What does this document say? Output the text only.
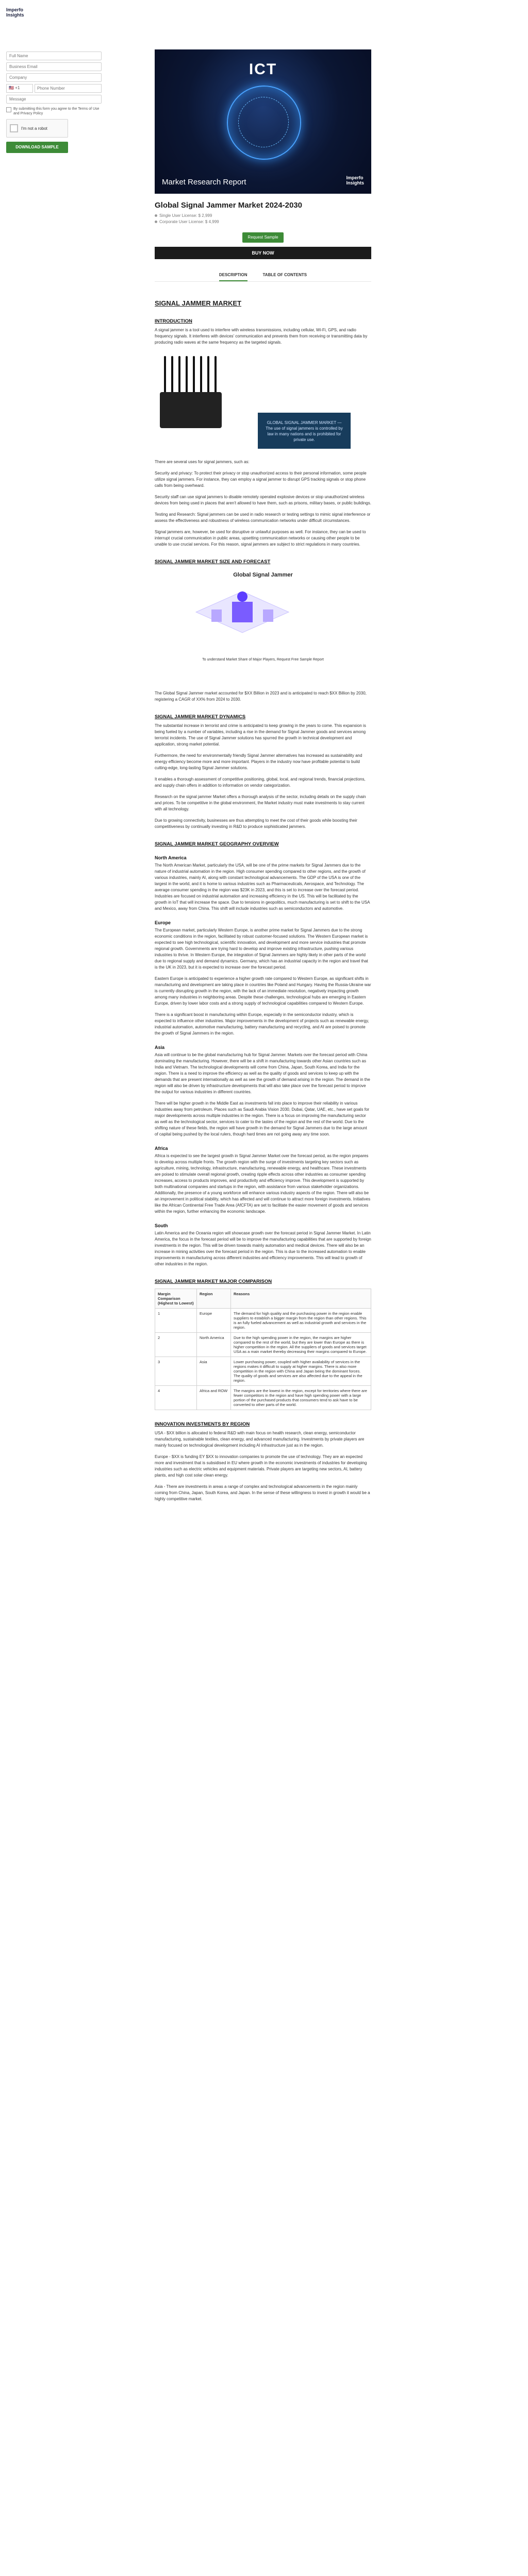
Imperfo
Insights
Full Name
Business Email
Company
🇺🇸 +1
Phone Number
Message
By submitting this form you agree to the Terms of Use and Privacy Policy
I'm not a robot
DOWNLOAD SAMPLE
ICT
Market Research Report	Imperfo
Insights
Global Signal Jammer Market 2024-2030
Single User License: $ 2,999
Corporate User License: $ 4,999
Request Sample
BUY NOW
DESCRIPTION	TABLE OF CONTENTS
SIGNAL JAMMER MARKET
INTRODUCTION

A signal jammer is a tool used to interfere with wireless transmissions, including cellular, Wi-Fi, GPS, and radio frequency signals. It interferes with devices' communication and prevents them from receiving or transmitting data by producing radio waves at the same frequency as the targeted signals.

GLOBAL SIGNAL JAMMER MARKET — The use of signal jammers is controlled by law in many nations and is prohibited for private use.

There are several uses for signal jammers, such as:

Security and privacy: To protect their privacy or stop unauthorized access to their personal information, some people utilize signal jammers. For instance, they can employ a signal jammer to disrupt GPS tracking signals or stop phone calls from being overheard.

Security staff can use signal jammers to disable remotely operated explosive devices or stop unauthorized wireless devices from being used in places that aren't allowed to have them, such as prisons, military bases, or public buildings.

Testing and Research: Signal jammers can be used in radio research or testing settings to mimic signal interference or assess the effectiveness and robustness of wireless communication networks under difficult circumstances.

Signal jammers are, however, be used for disruptive or unlawful purposes as well. For instance, they can be used to interrupt crucial communication in public areas, upsetting communication networks or causing other people to be unable to use crucial services. For this reason, signal jammers are subject to strict regulations in many countries.

SIGNAL JAMMER MARKET SIZE AND FORECAST
Global Signal Jammer
To understand Market Share of Major Players, Request Free Sample Report

The Global Signal Jammer market accounted for $XX Billion in 2023 and is anticipated to reach $XX Billion by 2030, registering a CAGR of XX% from 2024 to 2030.

SIGNAL JAMMER MARKET DYNAMICS

The substantial increase in terrorist and crime is anticipated to keep growing in the years to come. This expansion is being fueled by a number of variables, including a rise in the demand for Signal Jammer goods and services among terrorist incidents. The use of Signal Jammer solutions has spurred the growth in technical development and application, strong market potential.

Furthermore, the need for environmentally friendly Signal Jammer alternatives has increased as sustainability and energy efficiency become more and more important. Players in the industry now have profitable potential to build cutting-edge, long-lasting Signal Jammer solutions.

It enables a thorough assessment of competitive positioning, global, local, and regional trends, financial projections, and supply chain offers in addition to information on vendor categorization.

Research on the signal jammer Market offers a thorough analysis of the sector, including details on the supply chain and prices. To be competitive in the global environment, the Market industry must make investments to stay current with all technology.

Due to growing connectivity, businesses are thus attempting to meet the cost of their goods while boosting their competitiveness by continually investing in R&D to produce sophisticated jammers.

SIGNAL JAMMER MARKET GEOGRAPHY OVERVIEW
North America

The North American Market, particularly the USA, will be one of the prime markets for Signal Jammers due to the nature of industrial automation in the region. High consumer spending compared to other regions, and the growth of various industries, mainly AI, along with constant technological advancements. The GDP of the USA is one of the largest in the world, and it is home to various industries such as Pharmaceuticals, Aerospace, and Technology. The average consumer spending in the region was $23K in 2023, and this is set to increase over the forecast period. Industries are focused on industrial automation and increasing efficiency in the US. This will be facilitated by the growth in IoT that will increase the space. Due to tensions in geopolitics, much manufacturing is set to shift to the USA and Mexico, away from China. This shift will include industries such as semiconductors and automotive.

Europe

The European market, particularly Western Europe, is another prime market for Signal Jammers due to the strong economic conditions in the region, facilitated by robust customer-focused solutions. The Western European market is expected to see high technological, scientific innovation, and development and more service industries that promote regional growth. Governments are trying hard to develop and improve existing infrastructure, pushing various industries to thrive. In Western Europe, the integration of Signal Jammers are highly likely in other parts of the world due to regional supply and demand dynamics. Germany, which has an industrial capacity in the region and travel that is the UK in 2023, but it is expected to increase over the forecast period.

Eastern Europe is anticipated to experience a higher growth rate compared to Western Europe, as significant shifts in manufacturing and development are taking place in countries like Poland and Hungary. Having the Russia-Ukraine war is currently disrupting growth in the region, with the lack of an immediate resolution, negatively impacting growth among many industries in neighboring areas. Despite these challenges, technological hubs are emerging in Eastern Europe, driven by lower labor costs and a strong supply of technological capabilities compared to Western Europe.

There is a significant boost in manufacturing within Europe, especially in the semiconductor industry, which is expected to influence other industries. Major improvements in the development of projects such as renewable energy, industrial automation, automotive manufacturing, battery manufacturing and recycling, and AI are poised to promote the growth of Signal Jammers in the region.

Asia

Asia will continue to be the global manufacturing hub for Signal Jammer. Markets over the forecast period with China dominating the manufacturing. However, there will be a shift in manufacturing towards other Asian countries such as India and Vietnam. The technological developments will come from China, Japan, South Korea, and India for the region. There is a need to improve the efficiency as well as the quality of goods and services to keep up with the demands that are present internationally as well as see the growth of demand arising in the region. The demand in the region will also be driven by infrastructure developments that will also take place over the forecast period to improve the output for various industries in different countries.

There will be higher growth in the Middle East as investments fall into place to improve their reliability in various industries away from petroleum. Places such as Saudi Arabia Vision 2030, Dubai, Qatar, UAE, etc., have set goals for major developments across multiple industries in the region. There is a focus on improving the manufacturing sector as well as the technological sector, services to cater to the tastes of the region and the rest of the world. Due to the shifting nature of these fields, the region will have growth in the demand for Signal Jammers due to the large amount of capital being pushed by the local rulers, though hard times are not going away any time soon.

Africa

Africa is expected to see the largest growth in Signal Jammer Market over the forecast period, as the region prepares to develop across multiple fronts. The growth region with the surge of investments targeting key sectors such as agriculture, mining, technology, infrastructure, manufacturing, renewable energy, and healthcare. These investments are poised to stimulate overall regional growth, creating ripple effects across other industries as consumer spending increases, access to products improves, and productivity and efficiency improve. This development is supported by both multinational companies and startups in the region, with assistance from various stakeholder organizations. Additionally, the presence of a young workforce will enhance various industry aspects of the region. There will also be an improvement in political stability, which has affected and will continue to attract more foreign investments. Initiatives like the African Continental Free Trade Area (AfCFTA) are set to facilitate the easier movement of goods and services within the region, further enhancing the economic landscape.

South

Latin America and the Oceania region will showcase growth over the forecast period in Signal Jammer Market. In Latin America, the focus in the forecast period will be to improve the manufacturing capabilities that are supported by foreign investments in the region. This will be driven towards mainly automation and medical devices. There will also be an increase in mining activities over the forecast period in the region. This is due to the increased automation to enable improvements in manufacturing across different industries and efficiency improvements. This will lead to growth of other industries in the region.

SIGNAL JAMMER MARKET MAJOR COMPARISON
Margin Comparison (Highest to Lowest)	Region	Reasons
1	Europe	The demand for high quality and the purchasing power in the region enable suppliers to establish a bigger margin from the region than other regions. This is an fully fueled advancement as well as industrial growth and services in the region.
2	North America	Due to the high spending power in the region, the margins are higher compared to the rest of the world, but they are lower than Europe as there is higher competition in the region. All the suppliers of goods and services target USA as a main market thereby decreasing their margins compared to Europe.
3	Asia	Lower purchasing power, coupled with higher availability of services in the regions makes it difficult to supply at higher margins. There is also more competition in the region with China and Japan being the dominant forces. The quality of goods and services are also affected due to the appeal in the region.
4	Africa and ROW	The margins are the lowest in the region, except for territories where there are fewer competitors in the region and have high spending power with a large portion of the purchased products that consumers tend to ask have to be converted to other parts of the world.
INNOVATION INVESTMENTS BY REGION

USA - $XX billion is allocated to federal R&D with main focus on health research, clean energy, semiconductor manufacturing, sustainable textiles, clean energy, and advanced manufacturing. Investments by private players are mainly focused on technological development including AI infrastructure just as in the region.

Europe - $XX is funding EY $XX to innovation companies to promote the use of technology. They are an expected more and investment that is subsidised in EU where growth in the economic investments of industries for developing industries such as electric vehicles and equipment materials. Private players are targeting new sectors, AI, battery plants, and high cost solar clean energy.

Asia - There are investments in areas a range of complex and technological advancements in the region mainly coming from China, Japan, South Korea, and Japan. In the sense of these willingness to invest in growth it would be a highly competitive market.
